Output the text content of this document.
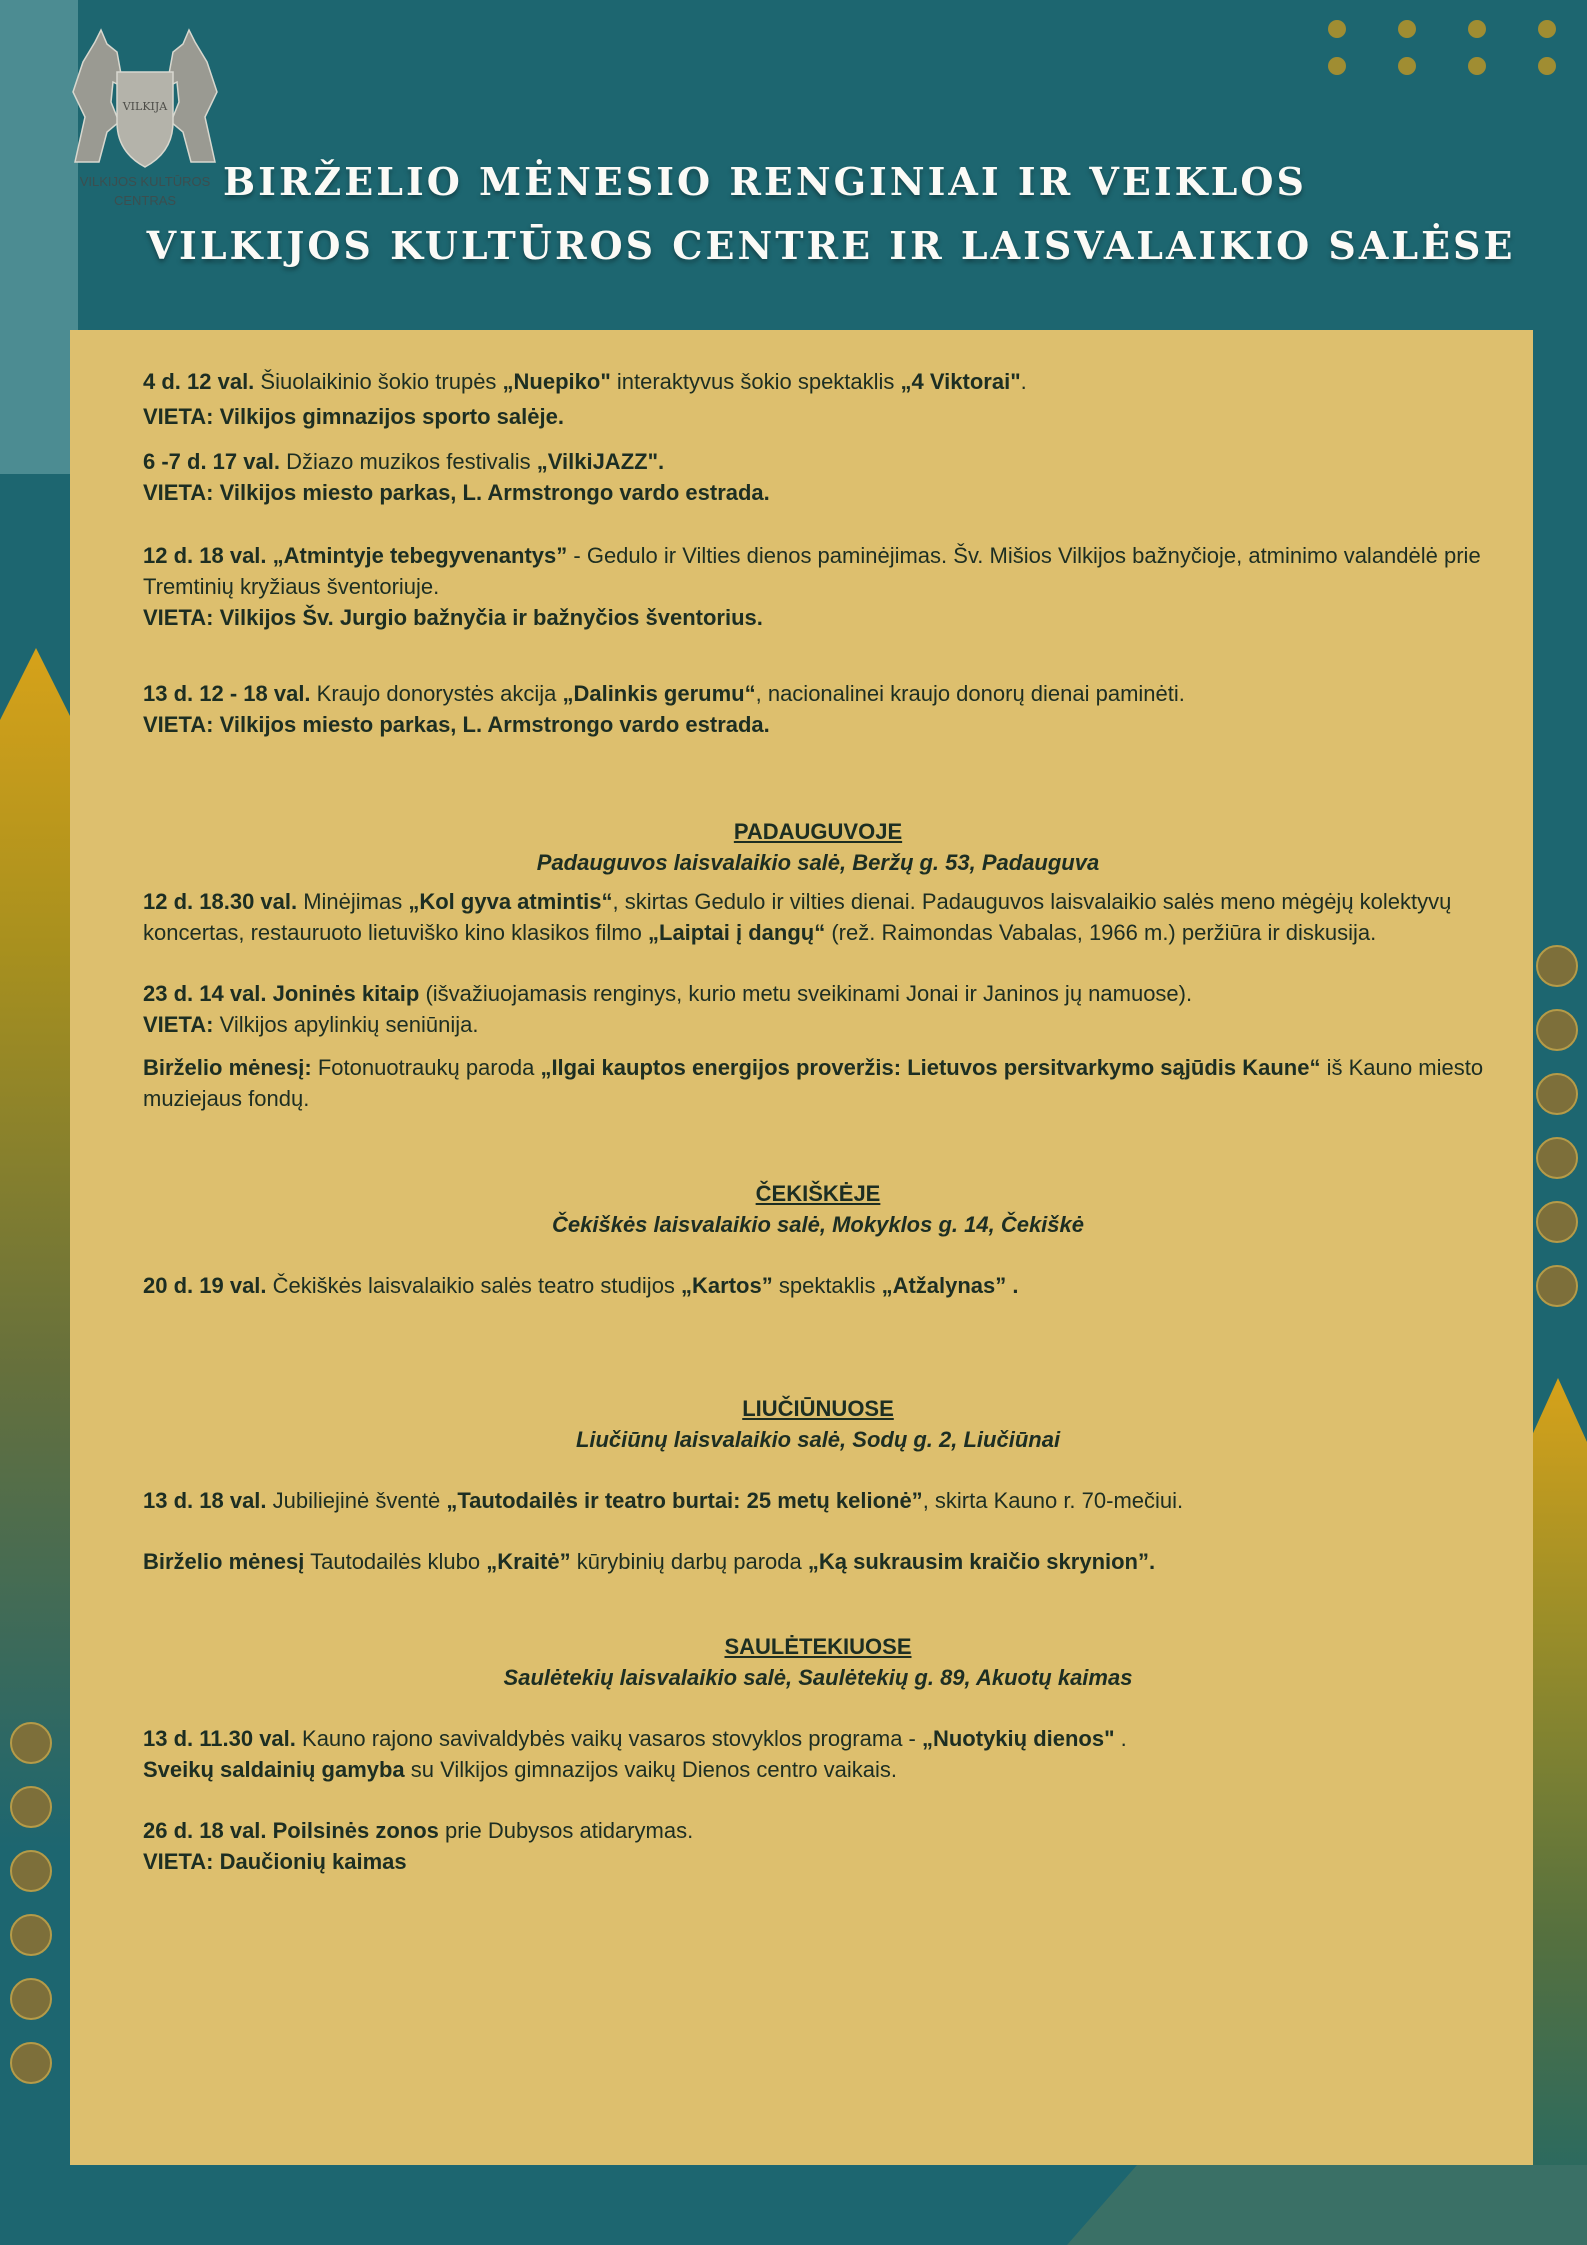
VILKIJA
VILKIJOS KULTŪROS
CENTRAS	BIRŽELIO MĖNESIO RENGINIAI IR VEIKLOS
VILKIJOS KULTŪROS CENTRE IR LAISVALAIKIO SALĖSE

4 d. 12 val. Šiuolaikinio šokio trupės „Nuepiko" interaktyvus šokio spektaklis „4 Viktorai".

VIETA: Vilkijos gimnazijos sporto salėje.

6 -7 d. 17 val. Džiazo muzikos festivalis „VilkiJAZZ".

VIETA: Vilkijos miesto parkas, L. Armstrongo vardo estrada.

12 d. 18 val. „Atmintyje tebegyvenantys” - Gedulo ir Vilties dienos paminėjimas. Šv. Mišios Vilkijos bažnyčioje, atminimo valandėlė prie Tremtinių kryžiaus šventoriuje.

VIETA: Vilkijos Šv. Jurgio bažnyčia ir bažnyčios šventorius.

13 d. 12 - 18 val. Kraujo donorystės akcija „Dalinkis gerumu“, nacionalinei kraujo donorų dienai paminėti.

VIETA: Vilkijos miesto parkas, L. Armstrongo vardo estrada.

PADAUGUVOJE

Padauguvos laisvalaikio salė, Beržų g. 53, Padauguva

12 d. 18.30 val. Minėjimas „Kol gyva atmintis“, skirtas Gedulo ir vilties dienai. Padauguvos laisvalaikio salės meno mėgėjų kolektyvų koncertas, restauruoto lietuviško kino klasikos filmo „Laiptai į dangų“ (rež. Raimondas Vabalas, 1966 m.) peržiūra ir diskusija.

23 d. 14 val. Joninės kitaip (išvažiuojamasis renginys, kurio metu sveikinami Jonai ir Janinos jų namuose).

VIETA: Vilkijos apylinkių seniūnija.

Birželio mėnesį: Fotonuotraukų paroda „Ilgai kauptos energijos proveržis: Lietuvos persitvarkymo sąjūdis Kaune“ iš Kauno miesto muziejaus fondų.

ČEKIŠKĖJE

Čekiškės laisvalaikio salė, Mokyklos g. 14, Čekiškė

20 d. 19 val. Čekiškės laisvalaikio salės teatro studijos „Kartos” spektaklis „Atžalynas” .

LIUČIŪNUOSE

Liučiūnų laisvalaikio salė, Sodų g. 2, Liučiūnai

13 d. 18 val. Jubiliejinė šventė „Tautodailės ir teatro burtai: 25 metų kelionė”, skirta Kauno r. 70-mečiui.

Birželio mėnesį Tautodailės klubo „Kraitė” kūrybinių darbų paroda „Ką sukrausim kraičio skrynion”.

SAULĖTEKIUOSE

Saulėtekių laisvalaikio salė, Saulėtekių g. 89, Akuotų kaimas

13 d. 11.30 val. Kauno rajono savivaldybės vaikų vasaros stovyklos programa - „Nuotykių dienos" .

Sveikų saldainių gamyba su Vilkijos gimnazijos vaikų Dienos centro vaikais.

26 d. 18 val. Poilsinės zonos prie Dubysos atidarymas.

VIETA: Daučionių kaimas
